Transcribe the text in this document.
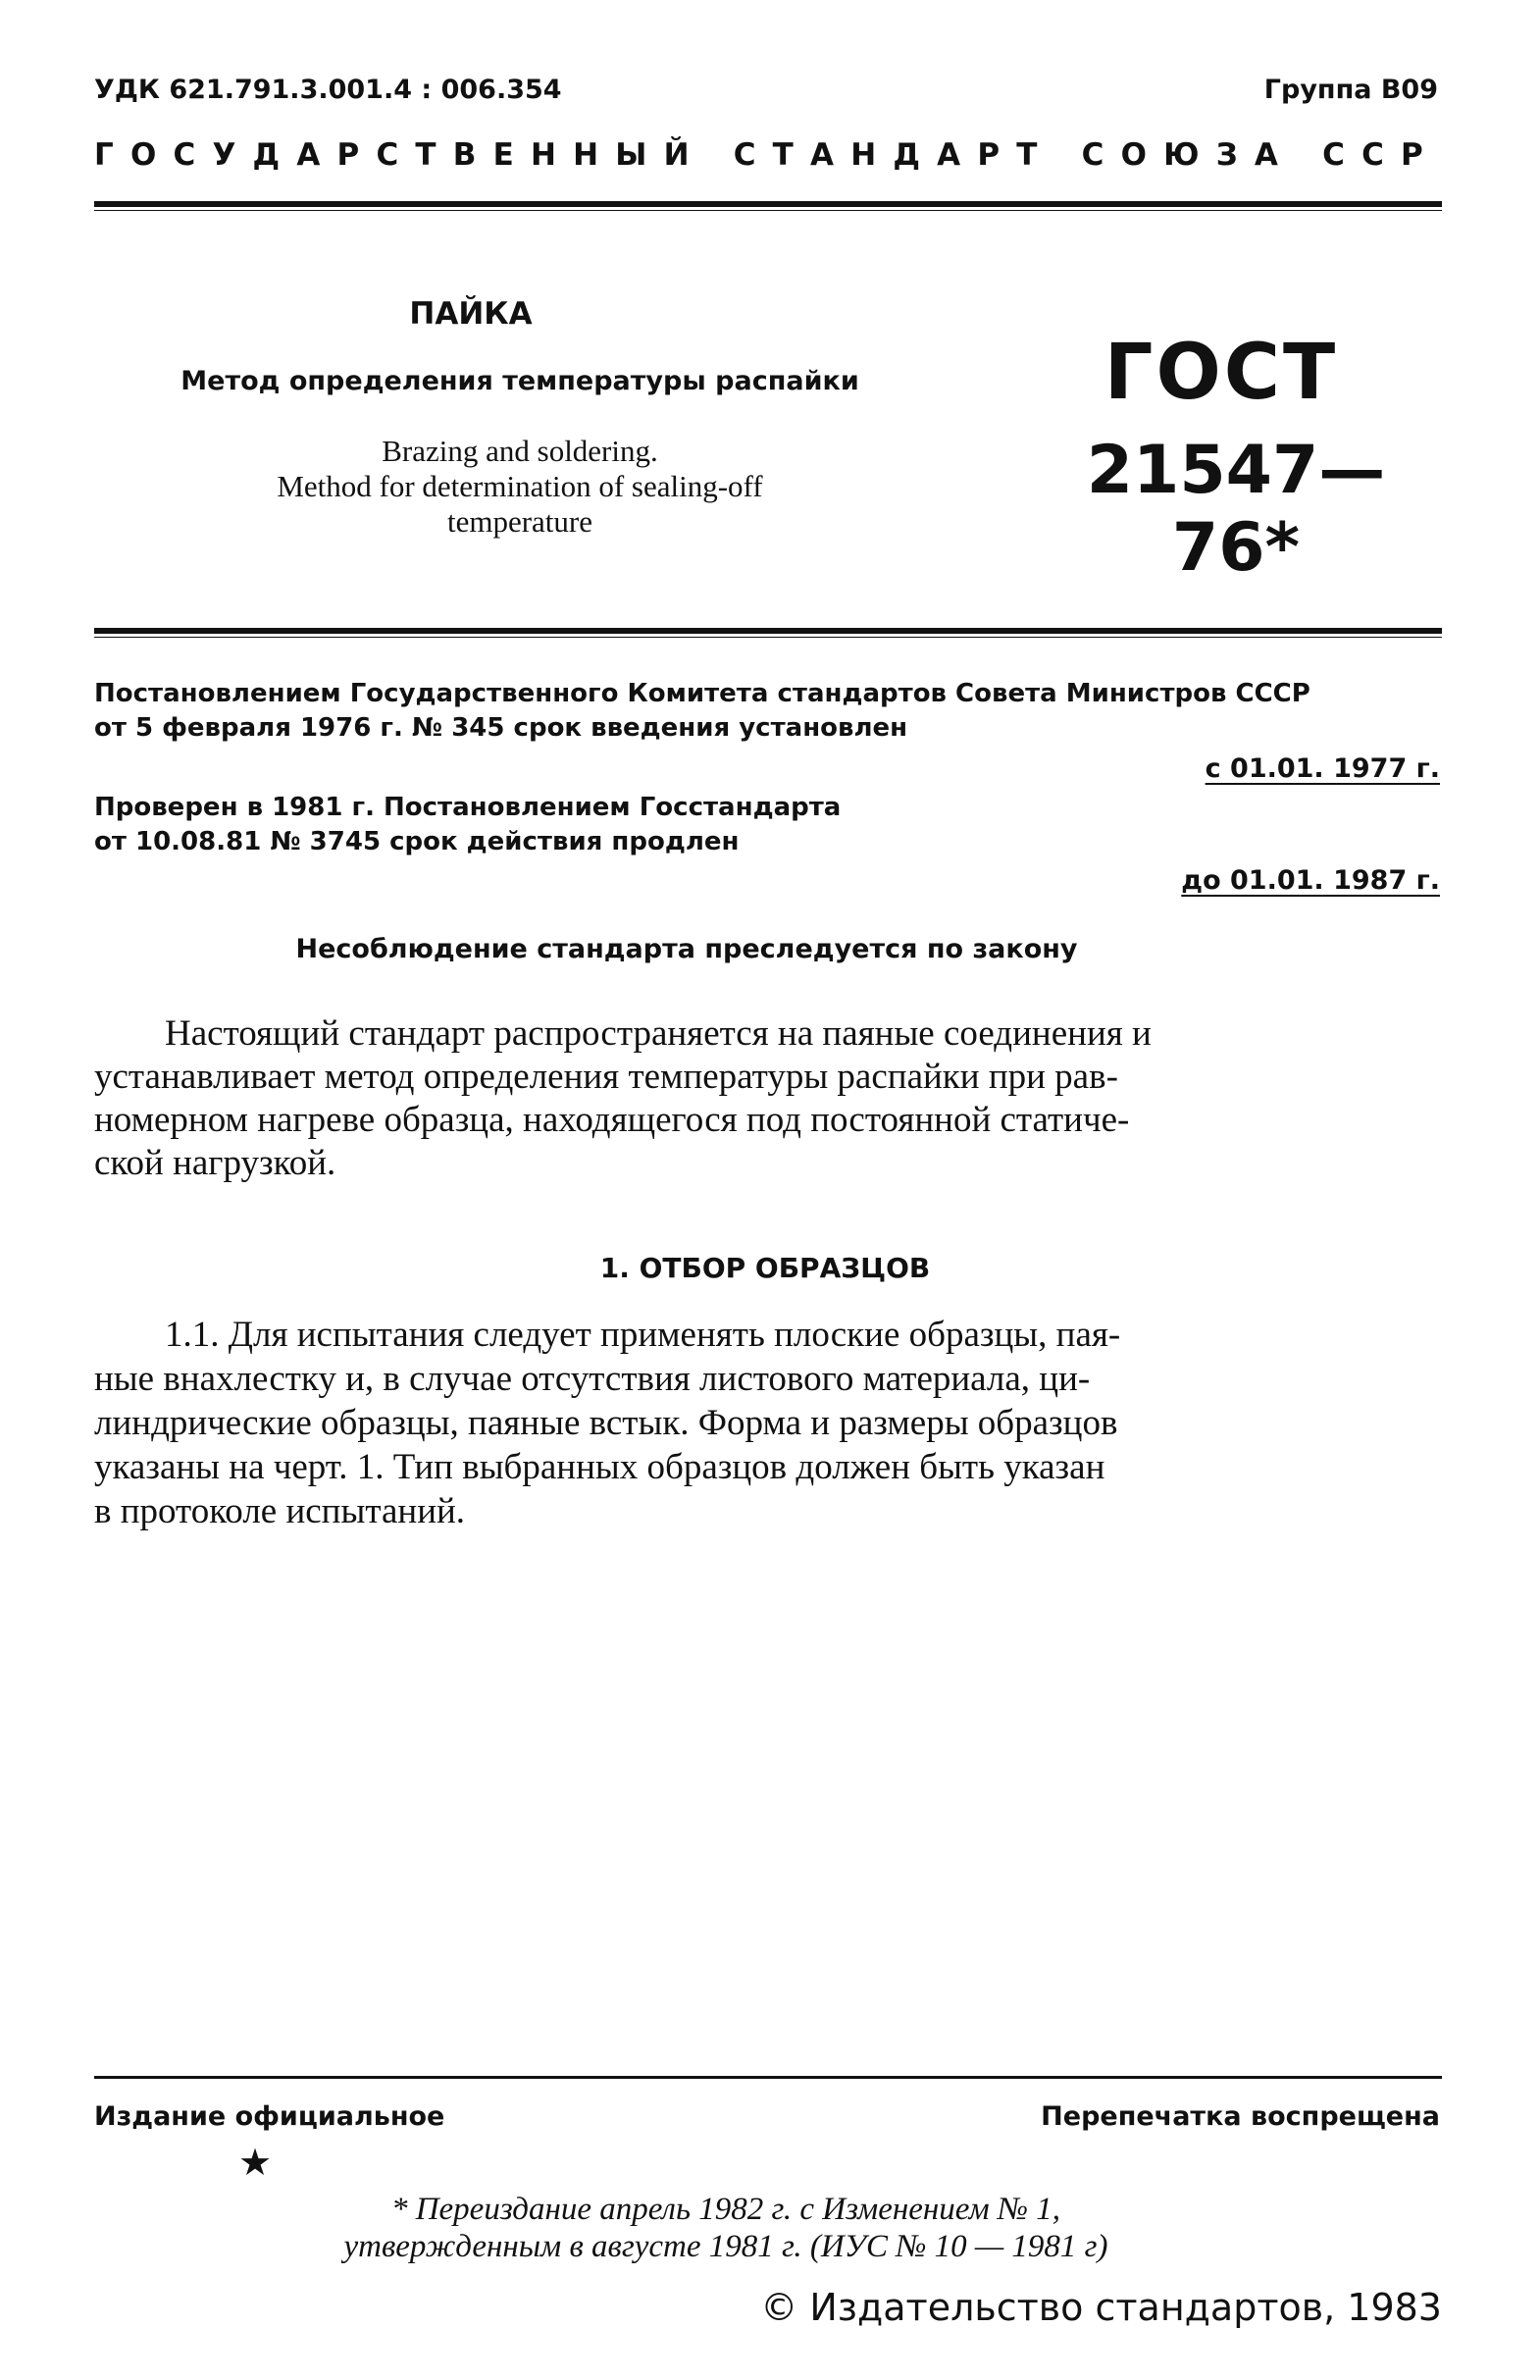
УДК 621.791.3.001.4 : 006.354	Группа В09
ГОСУДАРСТВЕННЫЙ СТАНДАРТ СОЮЗА ССР
ПАЙКА
Метод определения температуры распайки
Brazing and soldering.
Method for determination of sealing-off
temperature
ГОСТ
21547—76*
Постановлением Государственного Комитета стандартов Совета Министров СССР
от 5 февраля 1976 г. № 345 срок введения установлен
с 01.01. 1977 г.
Проверен в 1981 г. Постановлением Госстандарта
от 10.08.81 № 3745 срок действия продлен
до 01.01. 1987 г.
Несоблюдение стандарта преследуется по закону
Настоящий стандарт распространяется на паяные соединения и
устанавливает метод определения температуры распайки при рав-
номерном нагреве образца, находящегося под постоянной статиче-
ской нагрузкой.
1. ОТБОР ОБРАЗЦОВ
1.1. Для испытания следует применять плоские образцы, пая-
ные внахлестку и, в случае отсутствия листового материала, ци-
линдрические образцы, паяные встык. Форма и размеры образцов
указаны на черт. 1. Тип выбранных образцов должен быть указан
в протоколе испытаний.
Издание официальное	Перепечатка воспрещена
★
* Переиздание апрель 1982 г. с Изменением № 1,
утвержденным в августе 1981 г. (ИУС № 10 — 1981 г)
© Издательство стандартов, 1983
